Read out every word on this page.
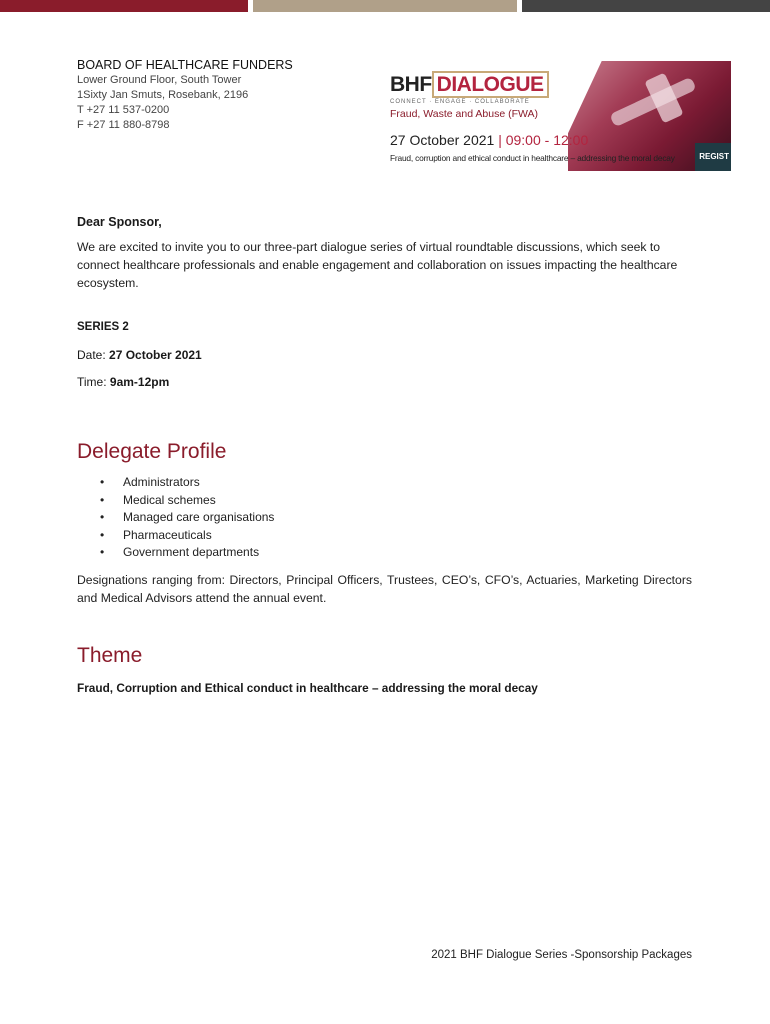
BOARD OF HEALTHCARE FUNDERS
Lower Ground Floor, South Tower
1Sixty Jan Smuts, Rosebank, 2196
T +27 11 537-0200
F +27 11 880-8798
REGIST
BHF DIALOGUE
CONNECT · ENGAGE · COLLABORATE
Fraud, Waste and Abuse (FWA)
27 October 2021 | 09:00 - 12:00
Fraud, corruption and ethical conduct in healthcare – addressing the moral decay
Dear Sponsor,
We are excited to invite you to our three-part dialogue series of virtual roundtable discussions, which seek to connect healthcare professionals and enable engagement and collaboration on issues impacting the healthcare ecosystem.
SERIES 2
Date: 27 October 2021
Time: 9am-12pm
Delegate Profile
• Administrators
• Medical schemes
• Managed care organisations
• Pharmaceuticals
• Government departments
Designations ranging from: Directors, Principal Officers, Trustees, CEO’s, CFO’s, Actuaries, Marketing Directors and Medical Advisors attend the annual event.
Theme
Fraud, Corruption and Ethical conduct in healthcare – addressing the moral decay
2021 BHF Dialogue Series -Sponsorship Packages
